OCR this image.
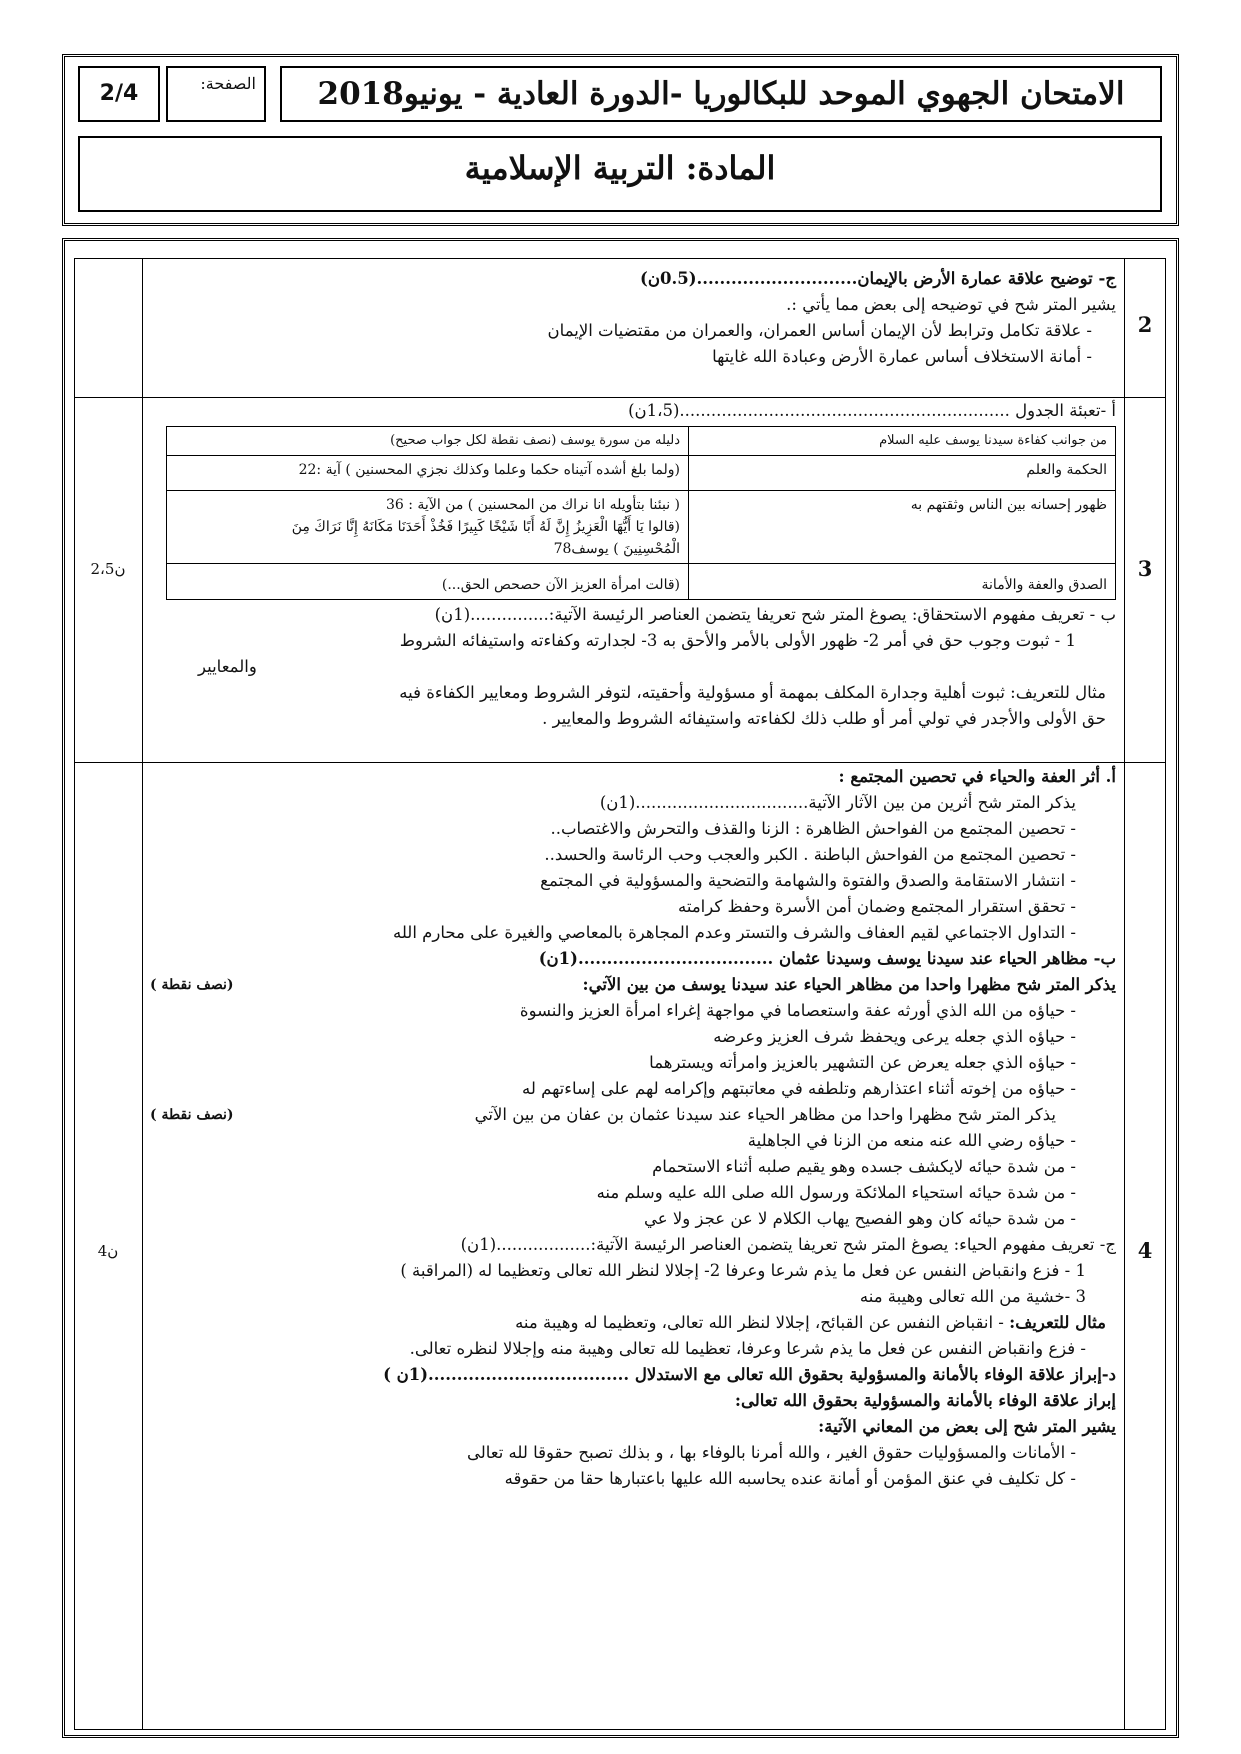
2/4	الصفحة:	الامتحان الجهوي الموحد للبكالوريا -الدورة العادية - يونيو2018
المادة: التربية الإسلامية
2
ج- توضيح علاقة عمارة الأرض بالإيمان............................(0.5ن)
يشير المتر شح في توضيحه إلى بعض مما يأتي :.
- علاقة تكامل وترابط لأن الإيمان أساس العمران، والعمران من مقتضيات الإيمان
- أمانة الاستخلاف أساس عمارة الأرض وعبادة الله غايتها
3
2،5ن
أ -تعبئة الجدول ...............................................................(1،5ن)
من جوانب كفاءة سيدنا يوسف عليه السلام	دليله من سورة يوسف (نصف نقطة لكل جواب صحيح)
الحكمة والعلم	(ولما بلغ أشده آتيناه حكما وعلما وكذلك نجزي المحسنين ) آية :22
ظهور إحسانه بين الناس وثقتهم به	( نبئنا بتأويله انا نراك من المحسنين ) من الآية : 36
(قالوا يَا أَيُّهَا الْعَزِيزُ إِنَّ لَهُ أَبًا شَيْخًا كَبِيرًا فَخُذْ أَحَدَنَا مَكَانَهُ إِنَّا نَرَاكَ مِنَ
الْمُحْسِنِينَ ) يوسف78

الصدق والعفة والأمانة	(قالت امرأة العزيز الآن حصحص الحق...)
ب - تعريف مفهوم الاستحقاق: يصوغ المتر شح تعريفا يتضمن العناصر الرئيسة الآتية:...............(1ن)
1 - ثبوت وجوب حق في أمر 2- ظهور الأولى بالأمر والأحق به 3- لجدارته وكفاءته واستيفائه الشروط
والمعايير
مثال للتعريف: ثبوت أهلية وجدارة المكلف بمهمة أو مسؤولية وأحقيته، لتوفر الشروط ومعايير الكفاءة فيه
حق الأولى والأجدر في تولي أمر أو طلب ذلك لكفاءته واستيفائه الشروط والمعايير .
4
4ن
أ. أثر العفة والحياء في تحصين المجتمع :
يذكر المتر شح أثرين من بين الآثار الآتية.................................(1ن)
- تحصين المجتمع من الفواحش الظاهرة : الزنا والقذف والتحرش والاغتصاب..
- تحصين المجتمع من الفواحش الباطنة . الكبر والعجب وحب الرئاسة والحسد..
- انتشار الاستقامة والصدق والفتوة والشهامة والتضحية والمسؤولية في المجتمع
- تحقق استقرار المجتمع وضمان أمن الأسرة وحفظ كرامته
- التداول الاجتماعي لقيم العفاف والشرف والتستر وعدم المجاهرة بالمعاصي والغيرة على محارم الله
ب- مظاهر الحياء عند سيدنا يوسف وسيدنا عثمان ..................................(1ن)
يذكر المتر شح مظهرا واحدا من مظاهر الحياء عند سيدنا يوسف من بين الآتي:
(نصف نقطة )
- حياؤه من الله الذي أورثه عفة واستعصاما في مواجهة إغراء امرأة العزيز والنسوة
- حياؤه الذي جعله يرعى ويحفظ شرف العزيز وعرضه
- حياؤه الذي جعله يعرض عن التشهير بالعزيز وامرأته ويسترهما
- حياؤه من إخوته أثناء اعتذارهم وتلطفه في معاتبتهم وإكرامه لهم على إساءتهم له
يذكر المتر شح مظهرا واحدا من مظاهر الحياء عند سيدنا عثمان بن عفان من بين الآتي
(نصف نقطة )
- حياؤه رضي الله عنه منعه من الزنا في الجاهلية
- من شدة حيائه لايكشف جسده وهو يقيم صلبه أثناء الاستحمام
- من شدة حيائه استحياء الملائكة ورسول الله صلى الله عليه وسلم منه
- من شدة حيائه كان وهو الفصيح يهاب الكلام لا عن عجز ولا عي
ج- تعريف مفهوم الحياء: يصوغ المتر شح تعريفا يتضمن العناصر الرئيسة الآتية:..................(1ن)
1 - فزع وانقباض النفس عن فعل ما يذم شرعا وعرفا 2- إجلالا لنظر الله تعالى وتعظيما له (المراقبة )
3 -خشية من الله تعالى وهيبة منه
مثال للتعريف: - انقباض النفس عن القبائح، إجلالا لنظر الله تعالى، وتعظيما له وهيبة منه
- فزع وانقباض النفس عن فعل ما يذم شرعا وعرفا، تعظيما لله تعالى وهيبة منه وإجلالا لنظره تعالى.
د-إبراز علاقة الوفاء بالأمانة والمسؤولية بحقوق الله تعالى مع الاستدلال ...................................(1ن )
إبراز علاقة الوفاء بالأمانة والمسؤولية بحقوق الله تعالى:
يشير المتر شح إلى بعض من المعاني الآتية:
- الأمانات والمسؤوليات حقوق الغير ، والله أمرنا بالوفاء بها ، و بذلك تصبح حقوقا لله تعالى
- كل تكليف في عنق المؤمن أو أمانة عنده يحاسبه الله عليها باعتبارها حقا من حقوقه
